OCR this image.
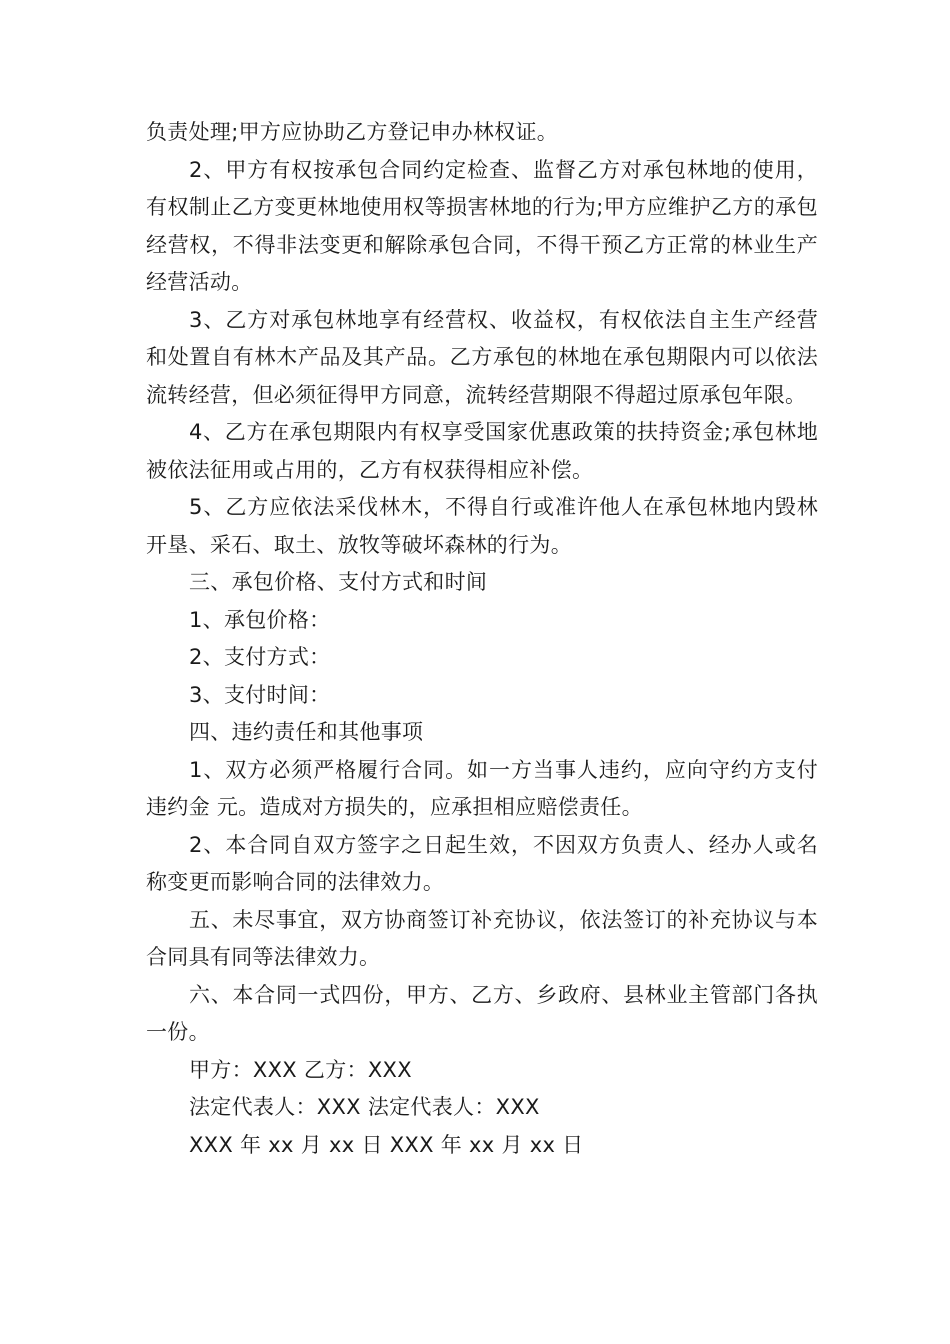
负责处理;甲方应协助乙方登记申办林权证。

2、甲方有权按承包合同约定检查、监督乙方对承包林地的使用，有权制止乙方变更林地使用权等损害林地的行为;甲方应维护乙方的承包经营权，不得非法变更和解除承包合同，不得干预乙方正常的林业生产经营活动。

3、乙方对承包林地享有经营权、收益权，有权依法自主生产经营和处置自有林木产品及其产品。乙方承包的林地在承包期限内可以依法流转经营，但必须征得甲方同意，流转经营期限不得超过原承包年限。

4、乙方在承包期限内有权享受国家优惠政策的扶持资金;承包林地被依法征用或占用的，乙方有权获得相应补偿。

5、乙方应依法采伐林木，不得自行或准许他人在承包林地内毁林开垦、采石、取土、放牧等破坏森林的行为。

三、承包价格、支付方式和时间

1、承包价格：

2、支付方式：

3、支付时间：

四、违约责任和其他事项

1、双方必须严格履行合同。如一方当事人违约，应向守约方支付违约金 元。造成对方损失的，应承担相应赔偿责任。

2、本合同自双方签字之日起生效，不因双方负责人、经办人或名称变更而影响合同的法律效力。

五、未尽事宜，双方协商签订补充协议，依法签订的补充协议与本合同具有同等法律效力。

六、本合同一式四份，甲方、乙方、乡政府、县林业主管部门各执一份。

甲方：XXX 乙方：XXX

法定代表人：XXX 法定代表人：XXX

XXX 年 xx 月 xx 日 XXX 年 xx 月 xx 日
